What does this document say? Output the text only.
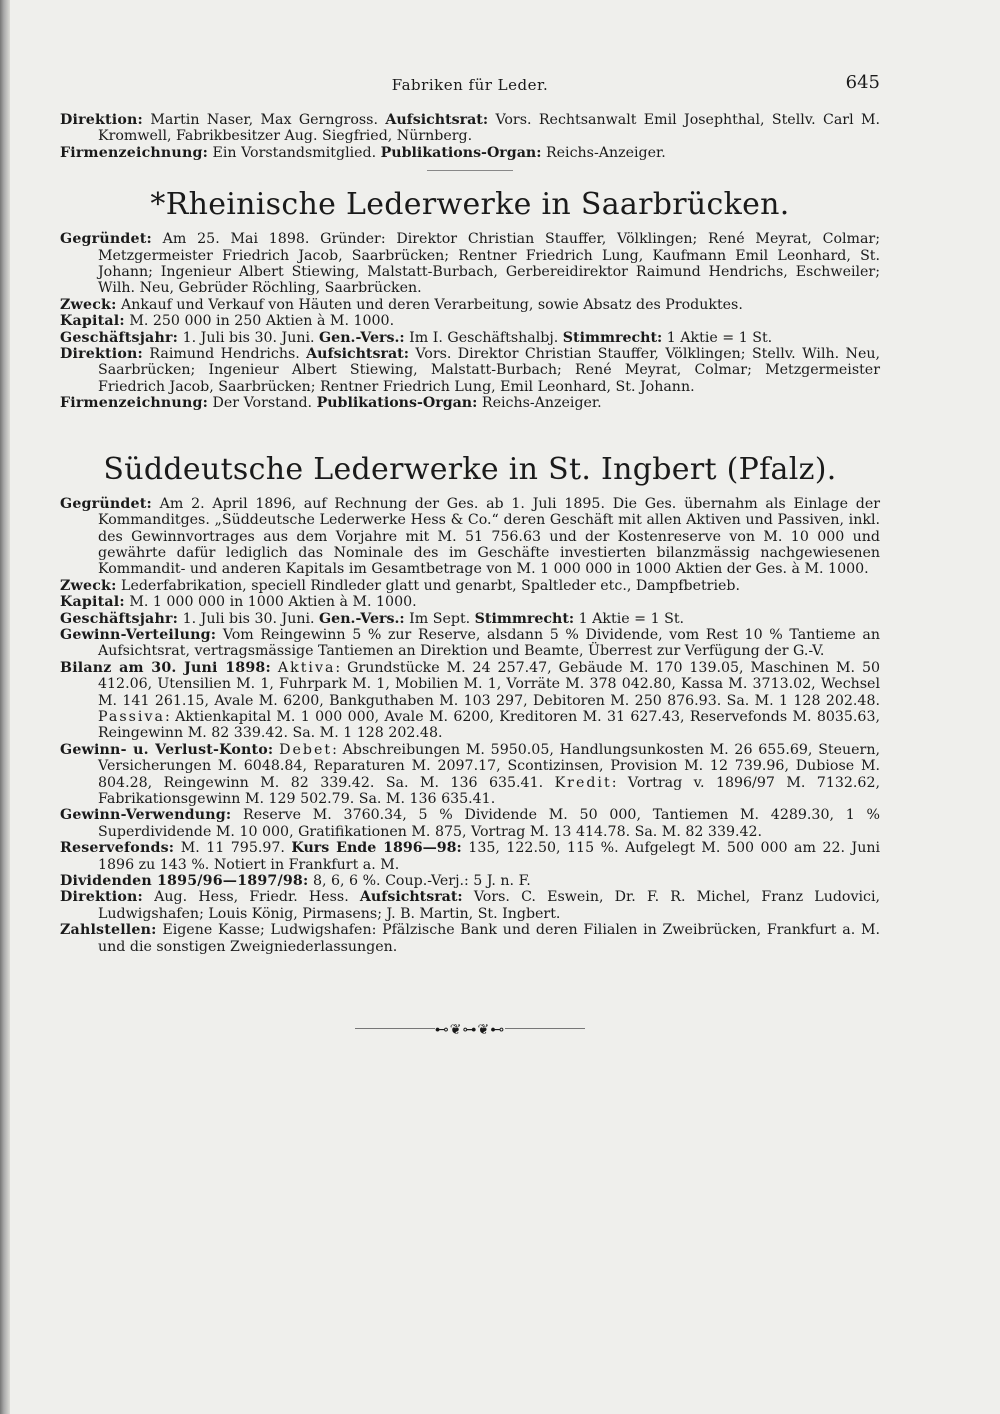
Fabriken für Leder.	645

Direktion: Martin Naser, Max Gerngross. Aufsichtsrat: Vors. Rechtsanwalt Emil Josephthal, Stellv. Carl M. Kromwell, Fabrikbesitzer Aug. Siegfried, Nürnberg.

Firmenzeichnung: Ein Vorstandsmitglied. Publikations-Organ: Reichs-Anzeiger.

*Rheinische Lederwerke in Saarbrücken.

Gegründet: Am 25. Mai 1898. Gründer: Direktor Christian Stauffer, Völklingen; René Meyrat, Colmar; Metzgermeister Friedrich Jacob, Saarbrücken; Rentner Friedrich Lung, Kaufmann Emil Leonhard, St. Johann; Ingenieur Albert Stiewing, Malstatt-Burbach, Gerbereidirektor Raimund Hendrichs, Eschweiler; Wilh. Neu, Gebrüder Röchling, Saarbrücken.

Zweck: Ankauf und Verkauf von Häuten und deren Verarbeitung, sowie Absatz des Produktes.

Kapital: M. 250 000 in 250 Aktien à M. 1000.

Geschäftsjahr: 1. Juli bis 30. Juni. Gen.-Vers.: Im I. Geschäftshalbj. Stimmrecht: 1 Aktie = 1 St.

Direktion: Raimund Hendrichs. Aufsichtsrat: Vors. Direktor Christian Stauffer, Völklingen; Stellv. Wilh. Neu, Saarbrücken; Ingenieur Albert Stiewing, Malstatt-Burbach; René Meyrat, Colmar; Metzgermeister Friedrich Jacob, Saarbrücken; Rentner Friedrich Lung, Emil Leonhard, St. Johann.

Firmenzeichnung: Der Vorstand. Publikations-Organ: Reichs-Anzeiger.

Süddeutsche Lederwerke in St. Ingbert (Pfalz).

Gegründet: Am 2. April 1896, auf Rechnung der Ges. ab 1. Juli 1895. Die Ges. übernahm als Einlage der Kommanditges. „Süddeutsche Lederwerke Hess & Co.“ deren Geschäft mit allen Aktiven und Passiven, inkl. des Gewinnvortrages aus dem Vorjahre mit M. 51 756.63 und der Kostenreserve von M. 10 000 und gewährte dafür lediglich das Nominale des im Geschäfte investierten bilanzmässig nachgewiesenen Kommandit- und anderen Kapitals im Gesamtbetrage von M. 1 000 000 in 1000 Aktien der Ges. à M. 1000.

Zweck: Lederfabrikation, speciell Rindleder glatt und genarbt, Spaltleder etc., Dampfbetrieb.

Kapital: M. 1 000 000 in 1000 Aktien à M. 1000.

Geschäftsjahr: 1. Juli bis 30. Juni. Gen.-Vers.: Im Sept. Stimmrecht: 1 Aktie = 1 St.

Gewinn-Verteilung: Vom Reingewinn 5 % zur Reserve, alsdann 5 % Dividende, vom Rest 10 % Tantieme an Aufsichtsrat, vertragsmässige Tantiemen an Direktion und Beamte, Überrest zur Verfügung der G.-V.

Bilanz am 30. Juni 1898: Aktiva: Grundstücke M. 24 257.47, Gebäude M. 170 139.05, Maschinen M. 50 412.06, Utensilien M. 1, Fuhrpark M. 1, Mobilien M. 1, Vorräte M. 378 042.80, Kassa M. 3713.02, Wechsel M. 141 261.15, Avale M. 6200, Bankguthaben M. 103 297, Debitoren M. 250 876.93. Sa. M. 1 128 202.48. Passiva: Aktienkapital M. 1 000 000, Avale M. 6200, Kreditoren M. 31 627.43, Reservefonds M. 8035.63, Reingewinn M. 82 339.42. Sa. M. 1 128 202.48.

Gewinn- u. Verlust-Konto: Debet: Abschreibungen M. 5950.05, Handlungsunkosten M. 26 655.69, Steuern, Versicherungen M. 6048.84, Reparaturen M. 2097.17, Scontizinsen, Provision M. 12 739.96, Dubiose M. 804.28, Reingewinn M. 82 339.42. Sa. M. 136 635.41. Kredit: Vortrag v. 1896/97 M. 7132.62, Fabrikationsgewinn M. 129 502.79. Sa. M. 136 635.41.

Gewinn-Verwendung: Reserve M. 3760.34, 5 % Dividende M. 50 000, Tantiemen M. 4289.30, 1 % Superdividende M. 10 000, Gratifikationen M. 875, Vortrag M. 13 414.78. Sa. M. 82 339.42.

Reservefonds: M. 11 795.97. Kurs Ende 1896—98: 135, 122.50, 115 %. Aufgelegt M. 500 000 am 22. Juni 1896 zu 143 %. Notiert in Frankfurt a. M.

Dividenden 1895/96—1897/98: 8, 6, 6 %. Coup.-Verj.: 5 J. n. F.

Direktion: Aug. Hess, Friedr. Hess. Aufsichtsrat: Vors. C. Eswein, Dr. F. R. Michel, Franz Ludovici, Ludwigshafen; Louis König, Pirmasens; J. B. Martin, St. Ingbert.

Zahlstellen: Eigene Kasse; Ludwigshafen: Pfälzische Bank und deren Filialen in Zweibrücken, Frankfurt a. M. und die sonstigen Zweigniederlassungen.

⊷❦⊶❦⊷
